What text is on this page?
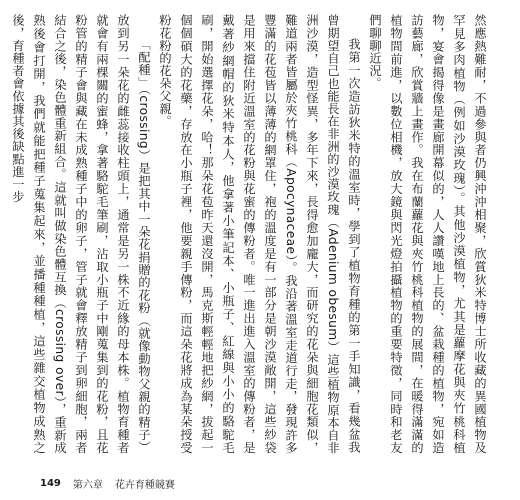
然應熱難耐，不過參與者仍興沖沖相聚，欣賞狄米特博士所收藏的異國植物及罕見多肉植物（例如沙漠玫瑰）。其他沙漠植物，尤其是蘿摩花與夾竹桃科植物，宴會揭得像是畫廊開幕似的，人人讚嘆地上長的、盆栽種的植物，宛如造訪藝廊，欣賞牆上畫作。我在布蘭蘿花與夾竹桃科植物的展間，在暖得滿滿的植物間前進，以數位相機，放大鏡與閃光燈拍攝植物的重要特徵，同時和老友們聊聊近況。

我第一次造訪狄米特的溫室時，學到了植物育種的第一手知識，看幾盆我曾期望自己也能長在非洲的沙漠玫瑰（Adenium obesum）這些植物原本自非洲沙漠，造型怪異，多年下來，長得愈加龐大，而研究的花朵與細胞花類似，難道兩者皆屬於夾竹桃科（Apocynaceae）。我沿著溫室走道行走，發現許多豐滿的花苞皆以薄薄的網罩住，袍的溫度是有一部分是朝沙漠敞開，這些紗袋是用來擋住附近溫室的花粉與花蜜的傳粉者。唯一進出進入溫室的傳粉者，是戴著紗網帽的狄米特本人，他拿著小筆記本、小瓶子、紅線與小小的駱駝毛刷，開始選擇花朵，哈！那朵花苞昨天還沒開，馬克斯輕輕地把紗網，拔起一個個碩大的花藥，存放在小瓶子裡，他要親手傳粉，而這朵花將成為某朵授受粉花粉的花朵父親。

「配種」（crossing）是把其中一朵花捐贈的花粉（就像動物父親的精子）放到另一朵花的雌蕊接收柱頭上，通常是另一株不近緣的母本株。植物育種者就會有兩棵關的蜜蜂，拿著駱駝毛筆刷，沾取小瓶子中剛蒐集到的花粉，且花粉管的精子會與藏在未成熟種子中的卵子，管子就會釋放精子到卵細胞，兩者結合之後，染色體重新組合。這就叫做染色體互換（crossing over），重新成熟後會打開，我們就能把種子蒐集起來，並播種種植，這些雜交植物成熟之後，育種者會依據其後缺點進一步

149 第六章 花卉育種競賽
